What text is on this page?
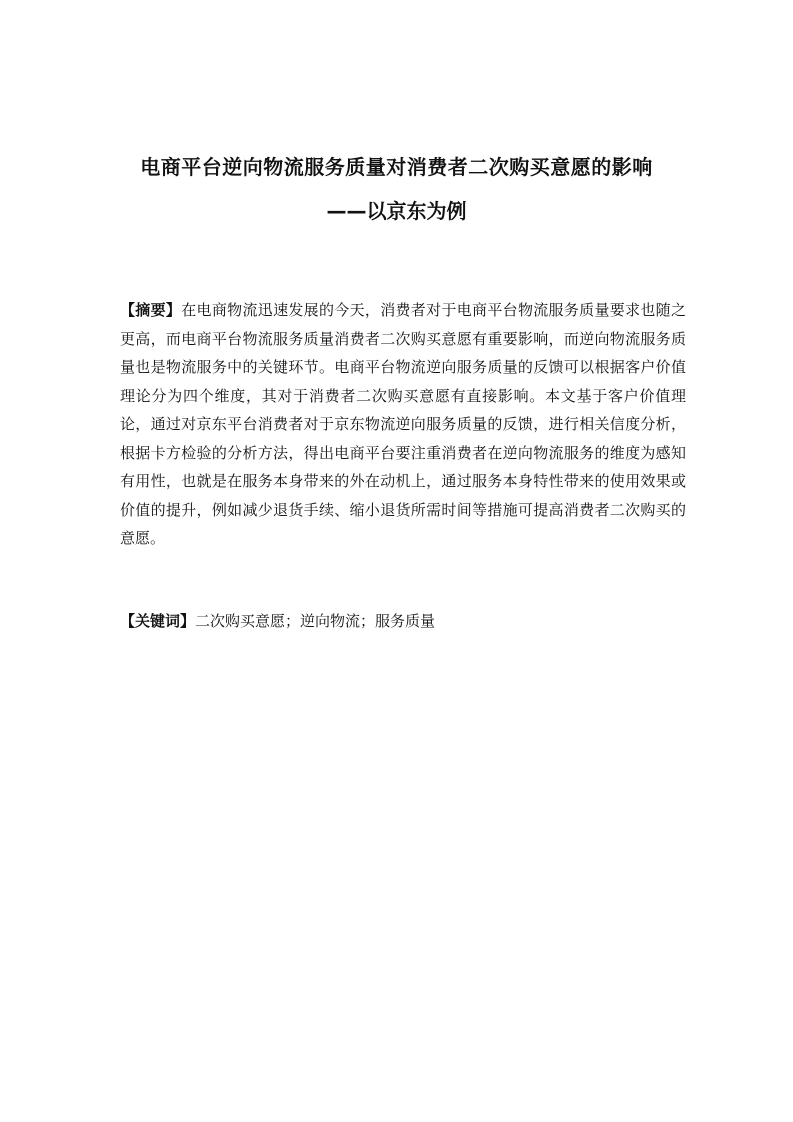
电商平台逆向物流服务质量对消费者二次购买意愿的影响
——以京东为例
【摘要】在电商物流迅速发展的今天，消费者对于电商平台物流服务质量要求也随之更高，而电商平台物流服务质量消费者二次购买意愿有重要影响，而逆向物流服务质量也是物流服务中的关键环节。电商平台物流逆向服务质量的反馈可以根据客户价值理论分为四个维度，其对于消费者二次购买意愿有直接影响。本文基于客户价值理论，通过对京东平台消费者对于京东物流逆向服务质量的反馈，进行相关信度分析，根据卡方检验的分析方法，得出电商平台要注重消费者在逆向物流服务的维度为感知有用性，也就是在服务本身带来的外在动机上，通过服务本身特性带来的使用效果或价值的提升，例如减少退货手续、缩小退货所需时间等措施可提高消费者二次购买的意愿。
【关键词】二次购买意愿；逆向物流；服务质量
